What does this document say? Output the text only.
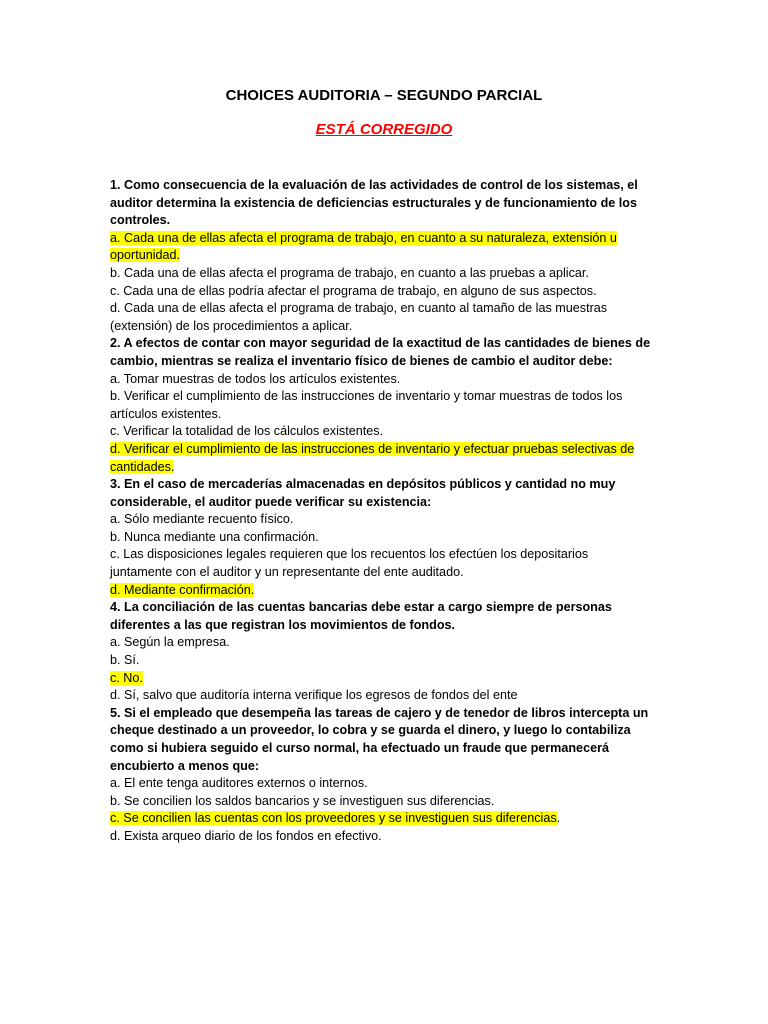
CHOICES AUDITORIA – SEGUNDO PARCIAL
ESTÁ CORREGIDO
1. Como consecuencia de la evaluación de las actividades de control de los sistemas, el auditor determina la existencia de deficiencias estructurales y de funcionamiento de los controles.
a. Cada una de ellas afecta el programa de trabajo, en cuanto a su naturaleza, extensión u oportunidad.
b. Cada una de ellas afecta el programa de trabajo, en cuanto a las pruebas a aplicar.
c. Cada una de ellas podría afectar el programa de trabajo, en alguno de sus aspectos.
d. Cada una de ellas afecta el programa de trabajo, en cuanto al tamaño de las muestras (extensión) de los procedimientos a aplicar.
2. A efectos de contar con mayor seguridad de la exactitud de las cantidades de bienes de cambio, mientras se realiza el inventario físico de bienes de cambio el auditor debe:
a. Tomar muestras de todos los artículos existentes.
b. Verificar el cumplimiento de las instrucciones de inventario y tomar muestras de todos los artículos existentes.
c. Verificar la totalidad de los cálculos existentes.
d. Verificar el cumplimiento de las instrucciones de inventario y efectuar pruebas selectivas de cantidades.
3. En el caso de mercaderías almacenadas en depósitos públicos y cantidad no muy considerable, el auditor puede verificar su existencia:
a. Sólo mediante recuento físico.
b. Nunca mediante una confirmación.
c. Las disposiciones legales requieren que los recuentos los efectúen los depositarios juntamente con el auditor y un representante del ente auditado.
d. Mediante confirmación.
4. La conciliación de las cuentas bancarias debe estar a cargo siempre de personas diferentes a las que registran los movimientos de fondos.
a. Según la empresa.
b. Sí.
c. No.
d. Sí, salvo que auditoría interna verifique los egresos de fondos del ente
5. Si el empleado que desempeña las tareas de cajero y de tenedor de libros intercepta un cheque destinado a un proveedor, lo cobra y se guarda el dinero, y luego lo contabiliza como si hubiera seguido el curso normal, ha efectuado un fraude que permanecerá encubierto a menos que:
a. El ente tenga auditores externos o internos.
b. Se concilien los saldos bancarios y se investiguen sus diferencias.
c. Se concilien las cuentas con los proveedores y se investiguen sus diferencias.
d. Exista arqueo diario de los fondos en efectivo.
